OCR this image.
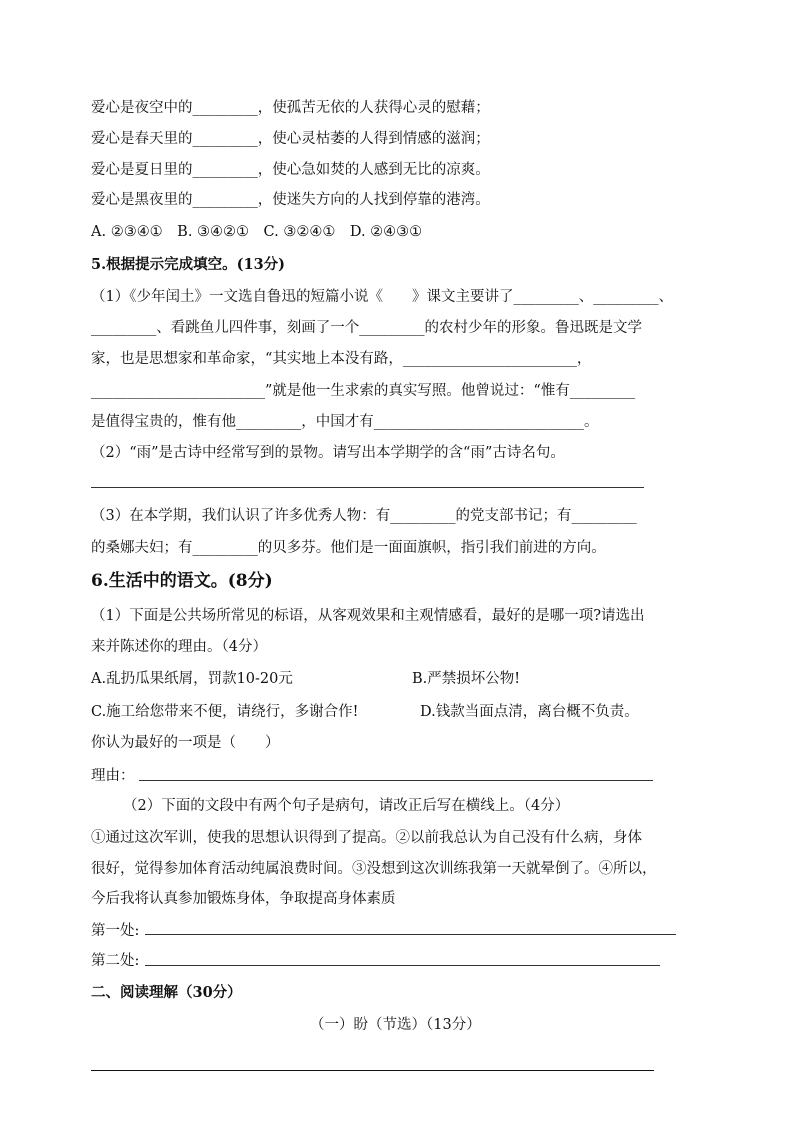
爱心是夜空中的_________，使孤苦无依的人获得心灵的慰藉；
爱心是春天里的_________，使心灵枯萎的人得到情感的滋润；
爱心是夏日里的_________，使心急如焚的人感到无比的凉爽。
爱心是黑夜里的_________，使迷失方向的人找到停靠的港湾。
A. ②③④①　B. ③④②①　C. ③②④①　D. ②④③①
5.根据提示完成填空。(13分)
（1）《少年闰土》一文选自鲁迅的短篇小说《　　》课文主要讲了_________、_________、
_________、看跳鱼儿四件事，刻画了一个_________的农村少年的形象。鲁迅既是文学
家，也是思想家和革命家，“其实地上本没有路，________________________，
________________________”就是他一生求索的真实写照。他曾说过：“惟有_________
是值得宝贵的，惟有他_________，中国才有_____________________________。
（2）“雨”是古诗中经常写到的景物。请写出本学期学的含“雨”古诗名句。
（3）在本学期，我们认识了许多优秀人物：有_________的党支部书记；有_________
的桑娜夫妇；有_________的贝多芬。他们是一面面旗帜，指引我们前进的方向。
6.生活中的语文。(8分)
（1）下面是公共场所常见的标语，从客观效果和主观情感看，最好的是哪一项?请选出
来并陈述你的理由。（4分）
A.乱扔瓜果纸屑，罚款10-20元	B.严禁损坏公物!
C.施工给您带来不便，请绕行，多谢合作!	D.钱款当面点清，离台概不负责。
你认为最好的一项是（　　）
理由：
（2）下面的文段中有两个句子是病句，请改正后写在横线上。（4分）
①通过这次军训，使我的思想认识得到了提高。②以前我总认为自己没有什么病，身体
很好，觉得参加体育活动纯属浪费时间。③没想到这次训练我第一天就晕倒了。④所以，
今后我将认真参加锻炼身体，争取提高身体素质
第一处:
第二处:
二、阅读理解（30分）
（一）盼（节选）（13分）
